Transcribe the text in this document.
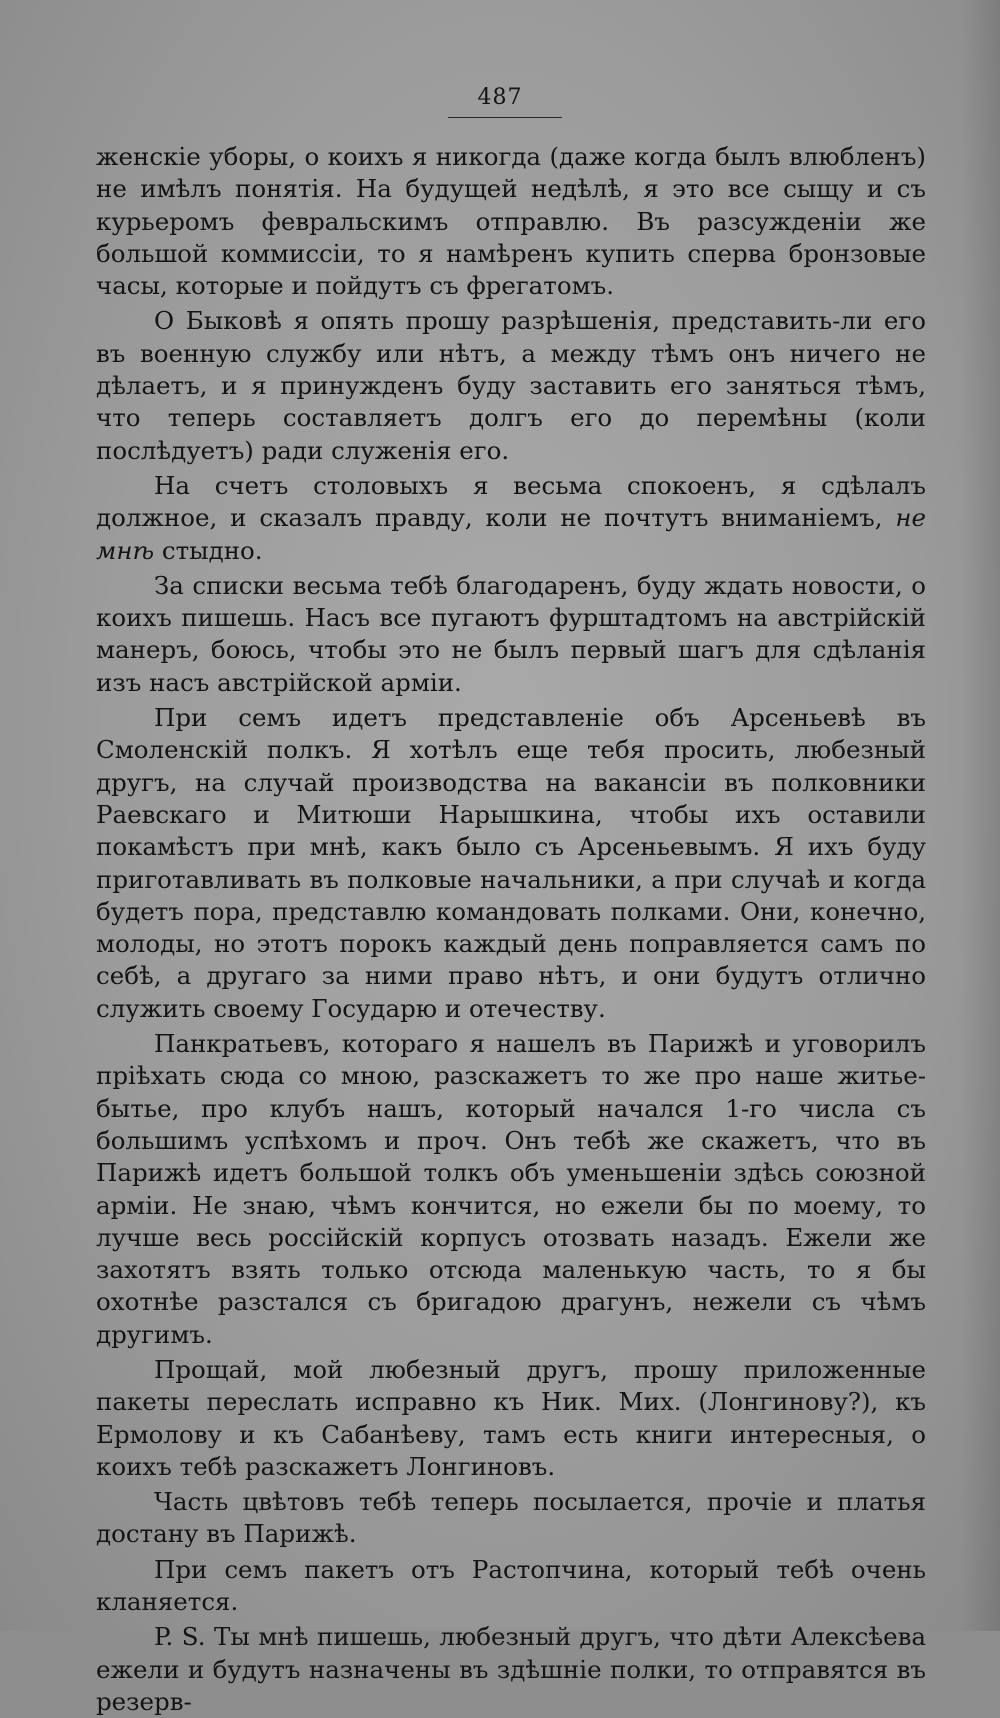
487

женскіе уборы, о коихъ я никогда (даже когда былъ влюбленъ) не имѣлъ понятія. На будущей недѣлѣ, я это все сыщу и съ курьеромъ февральскимъ отправлю. Въ разсужденіи же большой коммиссіи, то я намѣренъ купить сперва бронзовые часы, которые и пойдутъ съ фрегатомъ.

О Быковѣ я опять прошу разрѣшенія, представить-ли его въ военную службу или нѣтъ, а между тѣмъ онъ ничего не дѣлаетъ, и я принужденъ буду заставить его заняться тѣмъ, что теперь составляетъ долгъ его до перемѣны (коли послѣдуетъ) ради служенія его.

На счетъ столовыхъ я весьма спокоенъ, я сдѣлалъ должное, и сказалъ правду, коли не почтутъ вниманіемъ, не мнѣ стыдно.

За списки весьма тебѣ благодаренъ, буду ждать новости, о коихъ пишешь. Насъ все пугаютъ фурштадтомъ на австрійскій манеръ, боюсь, чтобы это не былъ первый шагъ для сдѣланія изъ насъ австрійской арміи.

При семъ идетъ представленіе объ Арсеньевѣ въ Смоленскій полкъ. Я хотѣлъ еще тебя просить, любезный другъ, на случай производства на вакансіи въ полковники Раевскаго и Митюши Нарышкина, чтобы ихъ оставили покамѣстъ при мнѣ, какъ было съ Арсеньевымъ. Я ихъ буду приготавливать въ полковые начальники, а при случаѣ и когда будетъ пора, представлю командовать полками. Они, конечно, молоды, но этотъ порокъ каждый день поправляется самъ по себѣ, а другаго за ними право нѣтъ, и они будутъ отлично служить своему Государю и отечеству.

Панкратьевъ, котораго я нашелъ въ Парижѣ и уговорилъ пріѣхать сюда со мною, разскажетъ то же про наше житье-бытье, про клубъ нашъ, который начался 1-го числа съ большимъ успѣхомъ и проч. Онъ тебѣ же скажетъ, что въ Парижѣ идетъ большой толкъ объ уменьшеніи здѣсь союзной арміи. Не знаю, чѣмъ кончится, но ежели бы по моему, то лучше весь россійскій корпусъ отозвать назадъ. Ежели же захотятъ взять только отсюда маленькую часть, то я бы охотнѣе разстался съ бригадою драгунъ, нежели съ чѣмъ другимъ.

Прощай, мой любезный другъ, прошу приложенные пакеты переслать исправно къ Ник. Мих. (Лонгинову?), къ Ермолову и къ Сабанѣеву, тамъ есть книги интересныя, о коихъ тебѣ разскажетъ Лонгиновъ.

Часть цвѣтовъ тебѣ теперь посылается, прочіе и платья достану въ Парижѣ.

При семъ пакетъ отъ Растопчина, который тебѣ очень кланяется.

P. S. Ты мнѣ пишешь, любезный другъ, что дѣти Алексѣева ежели и будутъ назначены въ здѣшніе полки, то отправятся въ резерв-
